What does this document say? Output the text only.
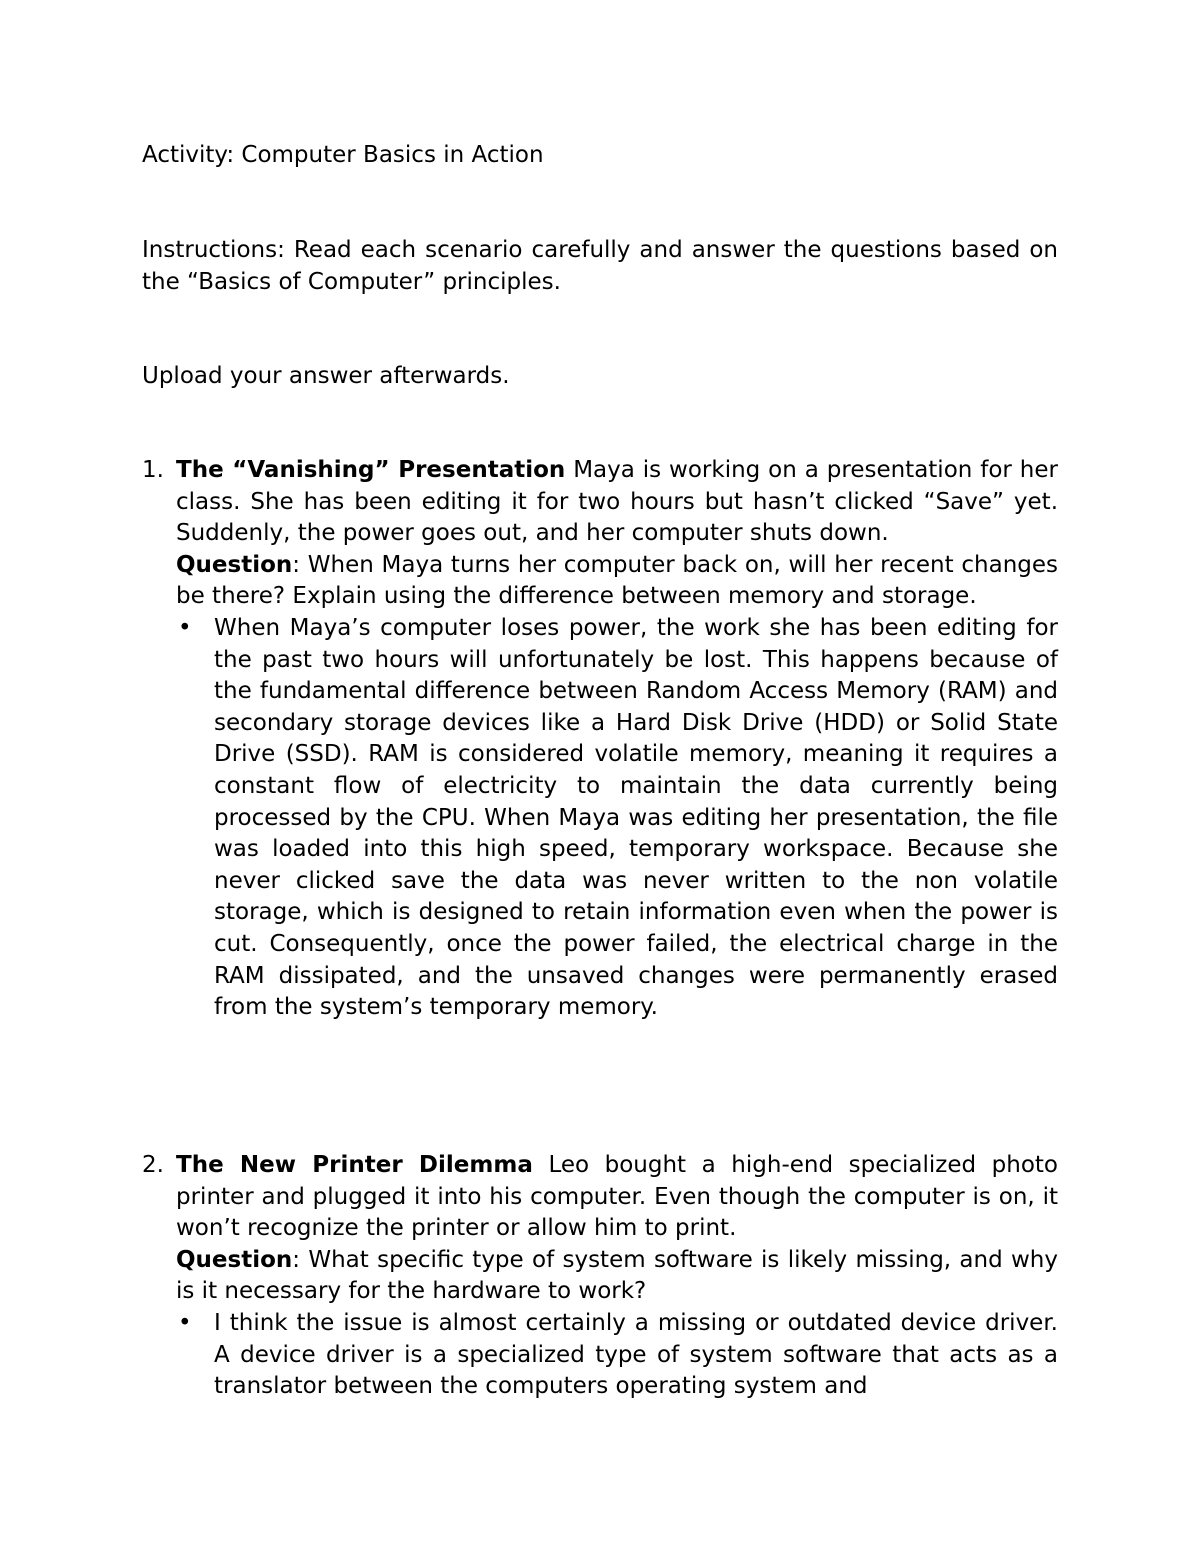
Activity: Computer Basics in Action

Instructions: Read each scenario carefully and answer the questions based on the “Basics of Computer” principles.

Upload your answer afterwards.

1. The “Vanishing” Presentation Maya is working on a presentation for her class. She has been editing it for two hours but hasn’t clicked “Save” yet. Suddenly, the power goes out, and her computer shuts down.

Question: When Maya turns her computer back on, will her recent changes be there? Explain using the difference between memory and storage.

• When Maya’s computer loses power, the work she has been editing for the past two hours will unfortunately be lost. This happens because of the fundamental difference between Random Access Memory (RAM) and secondary storage devices like a Hard Disk Drive (HDD) or Solid State Drive (SSD). RAM is considered volatile memory, meaning it requires a constant flow of electricity to maintain the data currently being processed by the CPU. When Maya was editing her presentation, the file was loaded into this high speed, temporary workspace. Because she never clicked save the data was never written to the non volatile storage, which is designed to retain information even when the power is cut. Consequently, once the power failed, the electrical charge in the RAM dissipated, and the unsaved changes were permanently erased from the system’s temporary memory.
2. The New Printer Dilemma Leo bought a high-end specialized photo printer and plugged it into his computer. Even though the computer is on, it won’t recognize the printer or allow him to print.

Question: What specific type of system software is likely missing, and why is it necessary for the hardware to work?

• I think the issue is almost certainly a missing or outdated device driver. A device driver is a specialized type of system software that acts as a translator between the computers operating system and
